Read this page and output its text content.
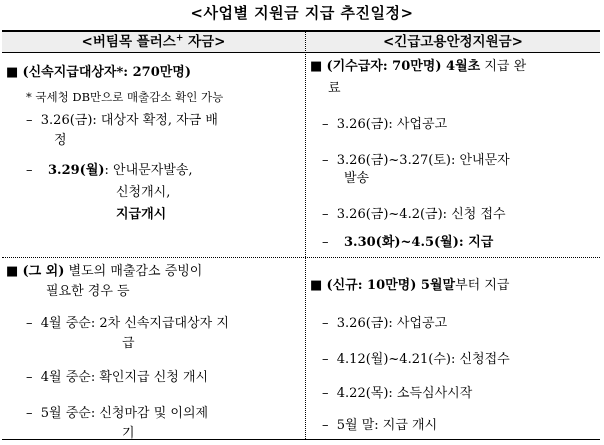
<사업별 지원금 지급 추진일정>
<버팀목 플러스+ 자금>	<긴급고용안정지원금>
■ (신속지급대상자*: 270만명)
* 국세청 DB만으로 매출감소 확인 가능
–  3.26(금): 대상자 확정, 자금 배
정
– 3.29(월): 안내문자발송,
신청개시,
지급개시
■ (그 외) 별도의 매출감소 증빙이
필요한 경우 등
–  4월 중순: 2차 신속지급대상자 지
급
–  4월 중순: 확인지급 신청 개시
–  5월 중순: 신청마감 및 이의제
기
■ (기수급자: 70만명) 4월초 지급 완
료
–  3.26(금): 사업공고
–  3.26(금)~3.27(토): 안내문자
발송
–  3.26(금)~4.2(금): 신청 접수
– 3.30(화)~4.5(월): 지급
■ (신규: 10만명) 5월말부터 지급
–  3.26(금): 사업공고
–  4.12(월)~4.21(수): 신청접수
–  4.22(목): 소득심사시작
–  5월 말: 지급 개시
